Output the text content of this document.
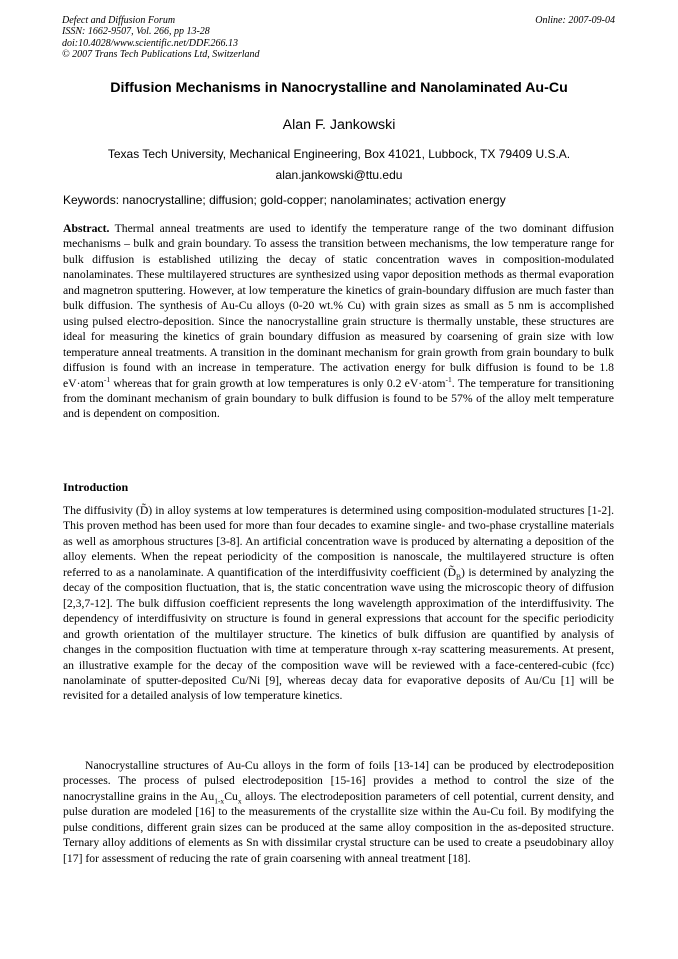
Defect and Diffusion Forum
ISSN: 1662-9507, Vol. 266, pp 13-28
doi:10.4028/www.scientific.net/DDF.266.13
© 2007 Trans Tech Publications Ltd, Switzerland
Online: 2007-09-04
Diffusion Mechanisms in Nanocrystalline and Nanolaminated Au-Cu
Alan F. Jankowski
Texas Tech University, Mechanical Engineering, Box 41021, Lubbock, TX 79409 U.S.A.
alan.jankowski@ttu.edu
Keywords: nanocrystalline; diffusion; gold-copper; nanolaminates; activation energy
Abstract. Thermal anneal treatments are used to identify the temperature range of the two dominant diffusion mechanisms – bulk and grain boundary. To assess the transition between mechanisms, the low temperature range for bulk diffusion is established utilizing the decay of static concentration waves in composition-modulated nanolaminates. These multilayered structures are synthesized using vapor deposition methods as thermal evaporation and magnetron sputtering. However, at low temperature the kinetics of grain-boundary diffusion are much faster than bulk diffusion. The synthesis of Au-Cu alloys (0-20 wt.% Cu) with grain sizes as small as 5 nm is accomplished using pulsed electro-deposition. Since the nanocrystalline grain structure is thermally unstable, these structures are ideal for measuring the kinetics of grain boundary diffusion as measured by coarsening of grain size with low temperature anneal treatments. A transition in the dominant mechanism for grain growth from grain boundary to bulk diffusion is found with an increase in temperature. The activation energy for bulk diffusion is found to be 1.8 eV·atom$^{-1}$ whereas that for grain growth at low temperatures is only 0.2 eV·atom$^{-1}$. The temperature for transitioning from the dominant mechanism of grain boundary to bulk diffusion is found to be 57% of the alloy melt temperature and is dependent on composition.
Introduction
The diffusivity (D̃) in alloy systems at low temperatures is determined using composition-modulated structures [1-2]. This proven method has been used for more than four decades to examine single- and two-phase crystalline materials as well as amorphous structures [3-8]. An artificial concentration wave is produced by alternating a deposition of the alloy elements. When the repeat periodicity of the composition is nanoscale, the multilayered structure is often referred to as a nanolaminate. A quantification of the interdiffusivity coefficient $(D̃_B)$ is determined by analyzing the decay of the composition fluctuation, that is, the static concentration wave using the microscopic theory of diffusion [2,3,7-12]. The bulk diffusion coefficient represents the long wavelength approximation of the interdiffusivity. The dependency of interdiffusivity on structure is found in general expressions that account for the specific periodicity and growth orientation of the multilayer structure. The kinetics of bulk diffusion are quantified by analysis of changes in the composition fluctuation with time at temperature through x-ray scattering measurements. At present, an illustrative example for the decay of the composition wave will be reviewed with a face-centered-cubic (fcc) nanolaminate of sputter-deposited Cu/Ni [9], whereas decay data for evaporative deposits of Au/Cu [1] will be revisited for a detailed analysis of low temperature kinetics.
Nanocrystalline structures of Au-Cu alloys in the form of foils [13-14] can be produced by electrodeposition processes. The process of pulsed electrodeposition [15-16] provides a method to control the size of the nanocrystalline grains in the $Au_{1-x}Cu_x$ alloys. The electrodeposition parameters of cell potential, current density, and pulse duration are modeled [16] to the measurements of the crystallite size within the Au-Cu foil. By modifying the pulse conditions, different grain sizes can be produced at the same alloy composition in the as-deposited structure. Ternary alloy additions of elements as Sn with dissimilar crystal structure can be used to create a pseudobinary alloy [17] for assessment of reducing the rate of grain coarsening with anneal treatment [18].
